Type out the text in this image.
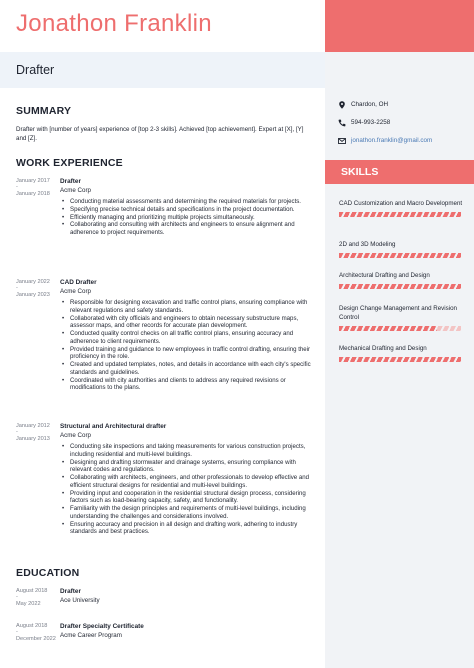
Jonathon Franklin
Drafter
Chardon, OH
594-993-2258
jonathon.franklin@gmail.com
SKILLS
CAD Customization and Macro Development
2D and 3D Modeling
Architectural Drafting and Design
Design Change Management and Revision Control
Mechanical Drafting and Design
SUMMARY

Drafter with [number of years] experience of [top 2-3 skills]. Achieved [top achievement]. Expert at [X], [Y] and [Z].

WORK EXPERIENCE
January 2017
-
January 2018
Drafter
Acme Corp
• Conducting material assessments and determining the required materials for projects.
• Specifying precise technical details and specifications in the project documentation.
• Efficiently managing and prioritizing multiple projects simultaneously.
• Collaborating and consulting with architects and engineers to ensure alignment and adherence to project requirements.
January 2022
-
January 2023
CAD Drafter
Acme Corp
• Responsible for designing excavation and traffic control plans, ensuring compliance with relevant regulations and safety standards.
• Collaborated with city officials and engineers to obtain necessary substructure maps, assessor maps, and other records for accurate plan development.
• Conducted quality control checks on all traffic control plans, ensuring accuracy and adherence to client requirements.
• Provided training and guidance to new employees in traffic control drafting, ensuring their proficiency in the role.
• Created and updated templates, notes, and details in accordance with each city's specific standards and guidelines.
• Coordinated with city authorities and clients to address any required revisions or modifications to the plans.
January 2012
-
January 2013
Structural and Architectural drafter
Acme Corp
• Conducting site inspections and taking measurements for various construction projects, including residential and multi-level buildings.
• Designing and drafting stormwater and drainage systems, ensuring compliance with relevant codes and regulations.
• Collaborating with architects, engineers, and other professionals to develop effective and efficient structural designs for residential and multi-level buildings.
• Providing input and cooperation in the residential structural design process, considering factors such as load-bearing capacity, safety, and functionality.
• Familiarity with the design principles and requirements of multi-level buildings, including understanding the challenges and considerations involved.
• Ensuring accuracy and precision in all design and drafting work, adhering to industry standards and best practices.
EDUCATION
August 2018
-
May 2022
Drafter
Ace University
August 2018
-
December 2022
Drafter Specialty Certificate
Acme Career Program
